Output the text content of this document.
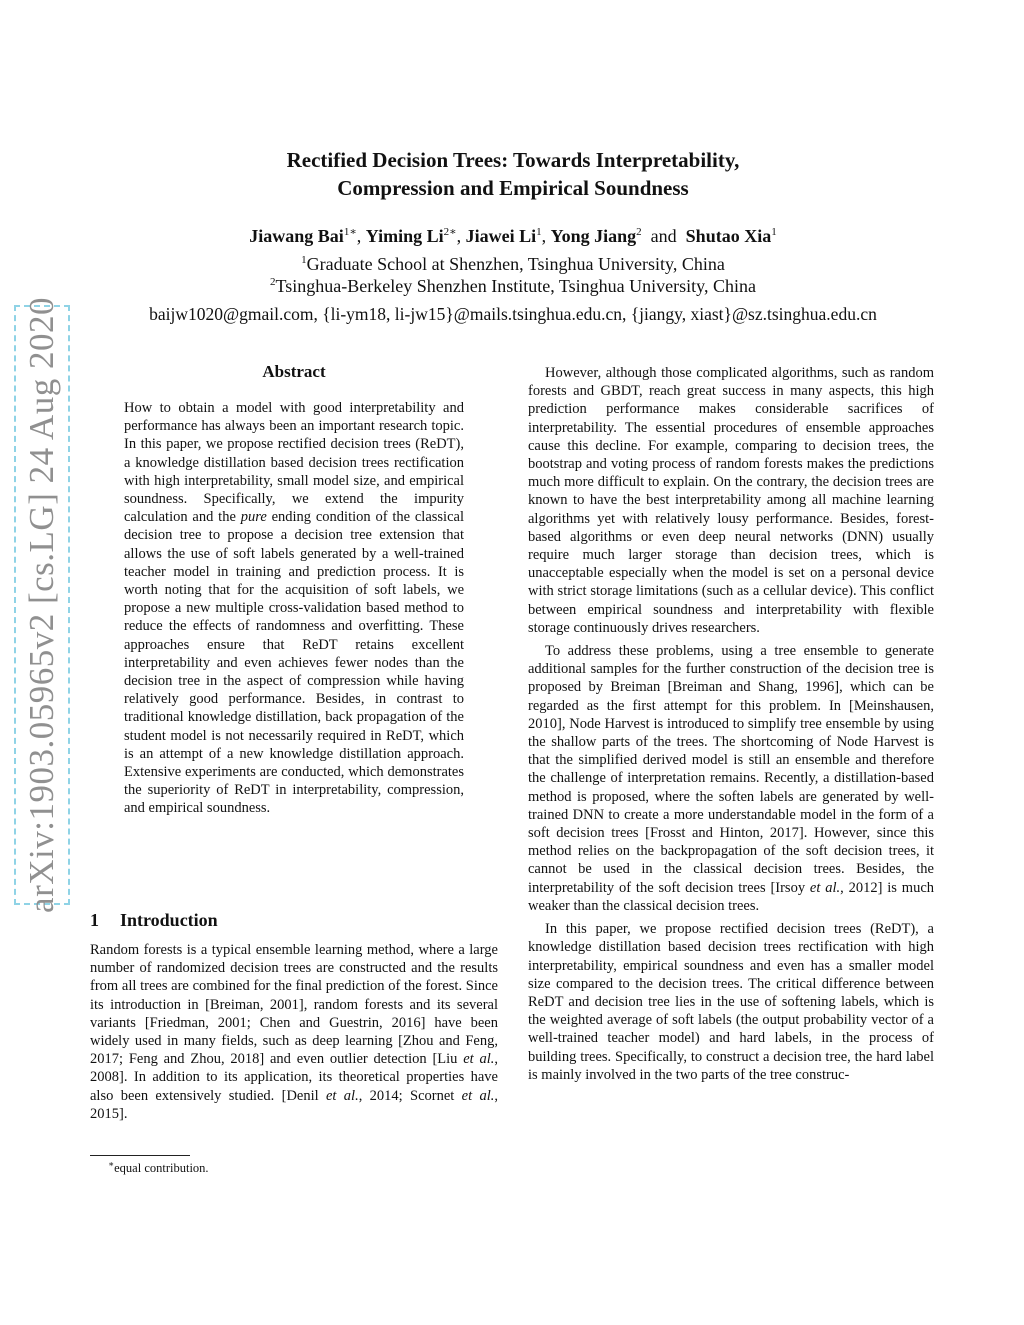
arXiv:1903.05965v2 [cs.LG] 24 Aug 2020
Rectified Decision Trees: Towards Interpretability,
Compression and Empirical Soundness
Jiawang Bai$^{1∗}$, Yiming $Li^{2∗}$, Jiawei Li$^1$, Yong Jiang$^2$ and Shutao Xia$^1$
$^1$Graduate School at Shenzhen, Tsinghua University, China
$^2$Tsinghua-Berkeley Shenzhen Institute, Tsinghua University, China
baijw1020@gmail.com, {li-ym18, li-jw15}@mails.tsinghua.edu.cn, {jiangy, xiast}@sz.tsinghua.edu.cn
Abstract
How to obtain a model with good interpretability and performance has always been an important research topic. In this paper, we propose rectified decision trees (ReDT), a knowledge distillation based decision trees rectification with high interpretability, small model size, and empirical soundness. Specifically, we extend the impurity calculation and the pure ending condition of the classical decision tree to propose a decision tree extension that allows the use of soft labels generated by a well-trained teacher model in training and prediction process. It is worth noting that for the acquisition of soft labels, we propose a new multiple cross-validation based method to reduce the effects of randomness and overfitting. These approaches ensure that ReDT retains excellent interpretability and even achieves fewer nodes than the decision tree in the aspect of compression while having relatively good performance. Besides, in contrast to traditional knowledge distillation, back propagation of the student model is not necessarily required in ReDT, which is an attempt of a new knowledge distillation approach. Extensive experiments are conducted, which demonstrates the superiority of ReDT in interpretability, compression, and empirical soundness.
1 Introduction
Random forests is a typical ensemble learning method, where a large number of randomized decision trees are constructed and the results from all trees are combined for the final prediction of the forest. Since its introduction in [Breiman, 2001], random forests and its several variants [Friedman, 2001; Chen and Guestrin, 2016] have been widely used in many fields, such as deep learning [Zhou and Feng, 2017; Feng and Zhou, 2018] and even outlier detection [Liu et al., 2008]. In addition to its application, its theoretical properties have also been extensively studied. [Denil et al., 2014; Scornet et al., 2015].
∗equal contribution.

However, although those complicated algorithms, such as random forests and GBDT, reach great success in many aspects, this high prediction performance makes considerable sacrifices of interpretability. The essential procedures of ensemble approaches cause this decline. For example, comparing to decision trees, the bootstrap and voting process of random forests makes the predictions much more difficult to explain. On the contrary, the decision trees are known to have the best interpretability among all machine learning algorithms yet with relatively lousy performance. Besides, forest-based algorithms or even deep neural networks (DNN) usually require much larger storage than decision trees, which is unacceptable especially when the model is set on a personal device with strict storage limitations (such as a cellular device). This conflict between empirical soundness and interpretability with flexible storage continuously drives researchers.

To address these problems, using a tree ensemble to generate additional samples for the further construction of the decision tree is proposed by Breiman [Breiman and Shang, 1996], which can be regarded as the first attempt for this problem. In [Meinshausen, 2010], Node Harvest is introduced to simplify tree ensemble by using the shallow parts of the trees. The shortcoming of Node Harvest is that the simplified derived model is still an ensemble and therefore the challenge of interpretation remains. Recently, a distillation-based method is proposed, where the soften labels are generated by well-trained DNN to create a more understandable model in the form of a soft decision trees [Frosst and Hinton, 2017]. However, since this method relies on the backpropagation of the soft decision trees, it cannot be used in the classical decision trees. Besides, the interpretability of the soft decision trees [Irsoy et al., 2012] is much weaker than the classical decision trees.

In this paper, we propose rectified decision trees (ReDT), a knowledge distillation based decision trees rectification with high interpretability, empirical soundness and even has a smaller model size compared to the decision trees. The critical difference between ReDT and decision tree lies in the use of softening labels, which is the weighted average of soft labels (the output probability vector of a well-trained teacher model) and hard labels, in the process of building trees. Specifically, to construct a decision tree, the hard label is mainly involved in the two parts of the tree construc-
